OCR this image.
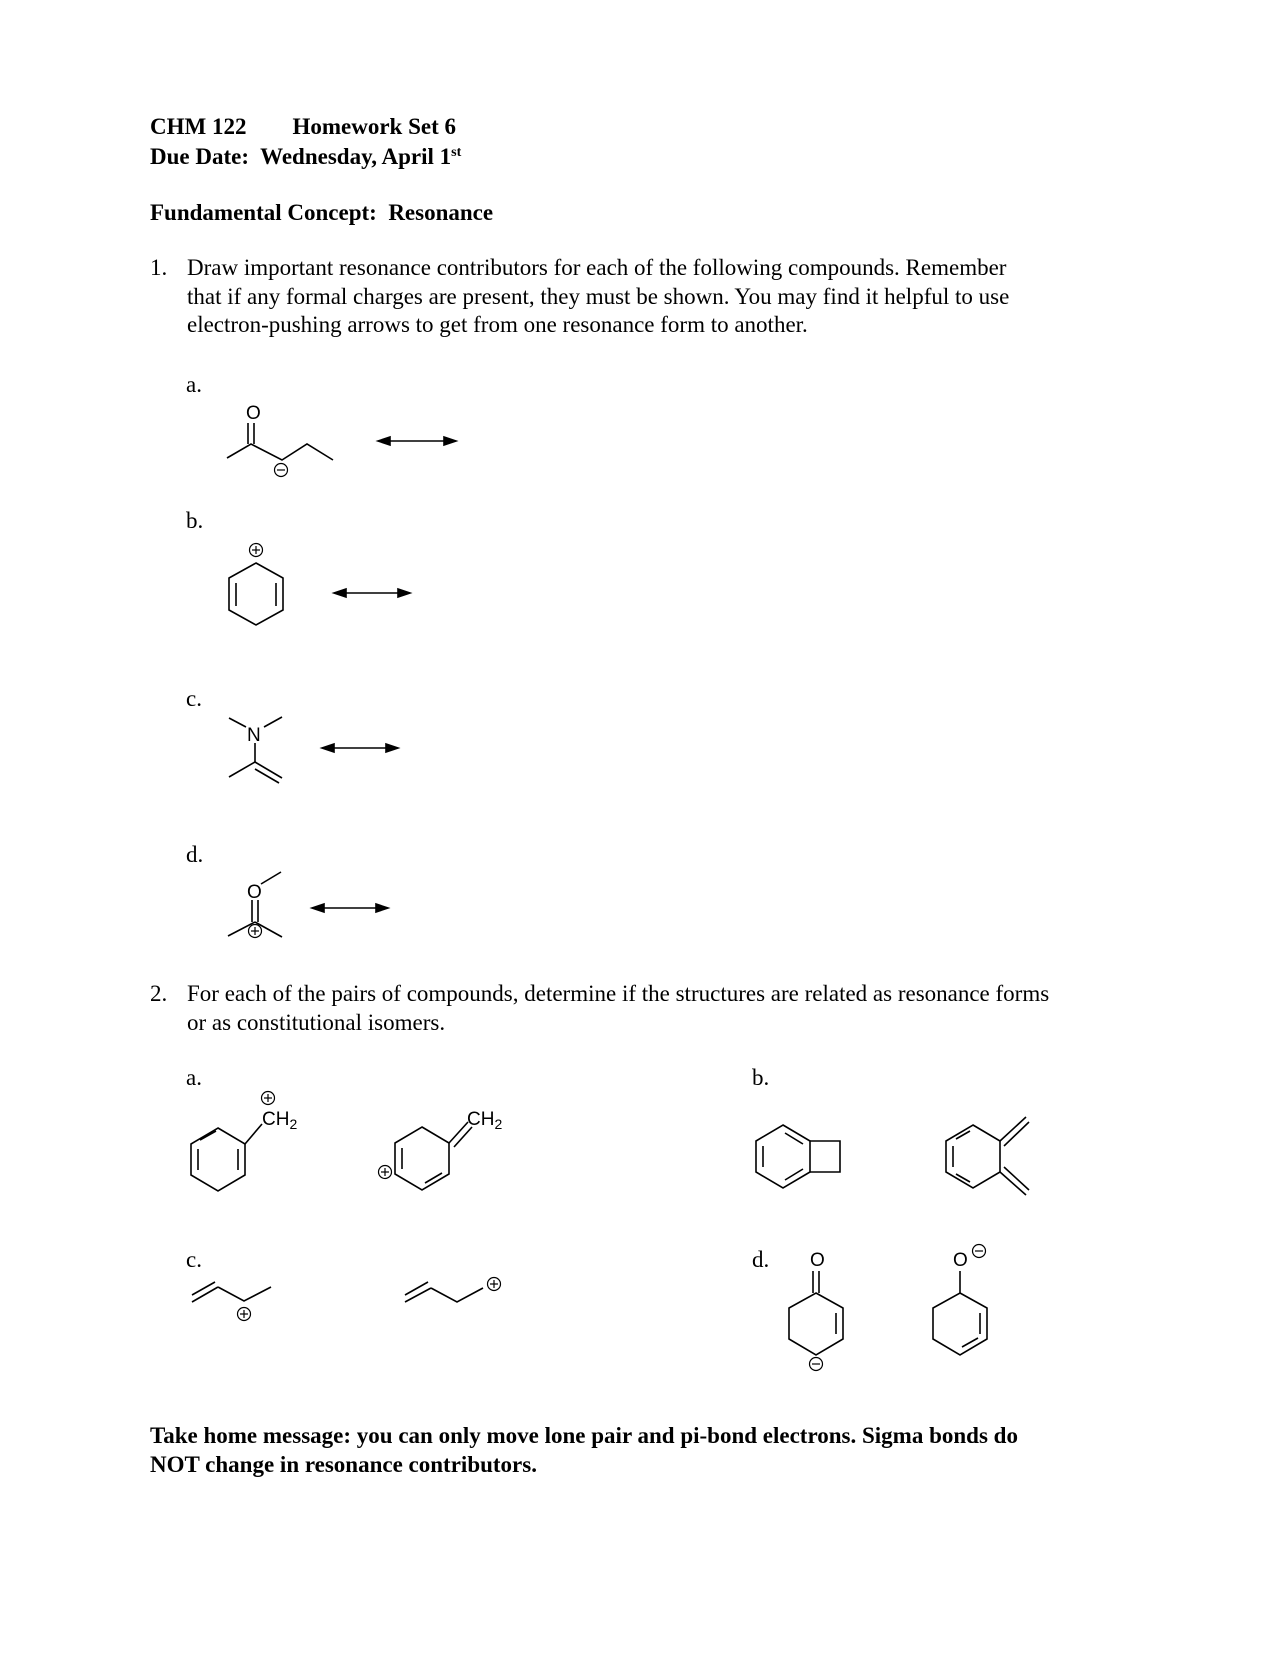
CHM 122 Homework Set 6
Due Date: Wednesday, April 1st
Fundamental Concept: Resonance
1. Draw important resonance contributors for each of the following compounds. Remember
that if any formal charges are present, they must be shown. You may find it helpful to use
electron-pushing arrows to get from one resonance form to another.
a.
b.
c.
d.
O
N
O
2. For each of the pairs of compounds, determine if the structures are related as resonance forms
or as constitutional isomers.
a.	b.
c.	d.
$CH_2$	$CH_2$
O	O
Take home message: you can only move lone pair and pi-bond electrons. Sigma bonds do
NOT change in resonance contributors.
